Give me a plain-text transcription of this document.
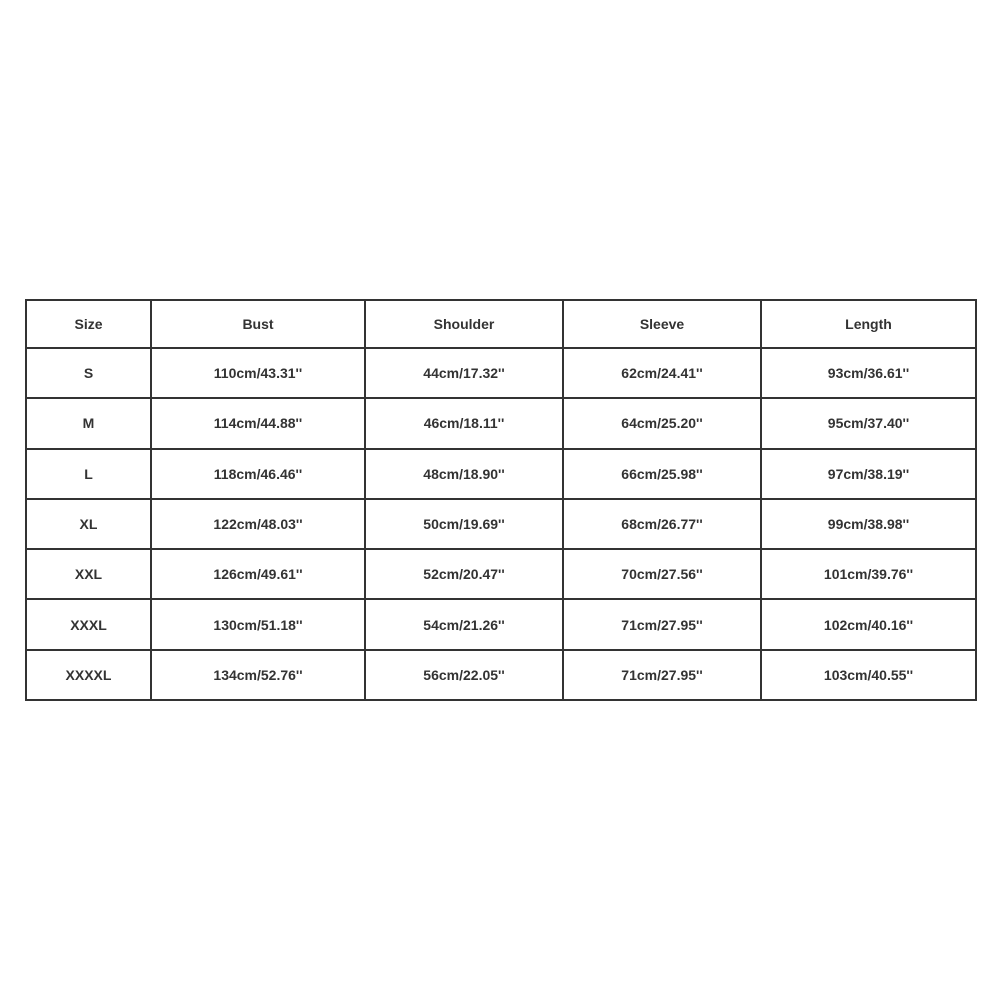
Size	Bust	Shoulder	Sleeve	Length
S	110cm/43.31''	44cm/17.32''	62cm/24.41''	93cm/36.61''
M	114cm/44.88''	46cm/18.11''	64cm/25.20''	95cm/37.40''
L	118cm/46.46''	48cm/18.90''	66cm/25.98''	97cm/38.19''
XL	122cm/48.03''	50cm/19.69''	68cm/26.77''	99cm/38.98''
XXL	126cm/49.61''	52cm/20.47''	70cm/27.56''	101cm/39.76''
XXXL	130cm/51.18''	54cm/21.26''	71cm/27.95''	102cm/40.16''
XXXXL	134cm/52.76''	56cm/22.05''	71cm/27.95''	103cm/40.55''
